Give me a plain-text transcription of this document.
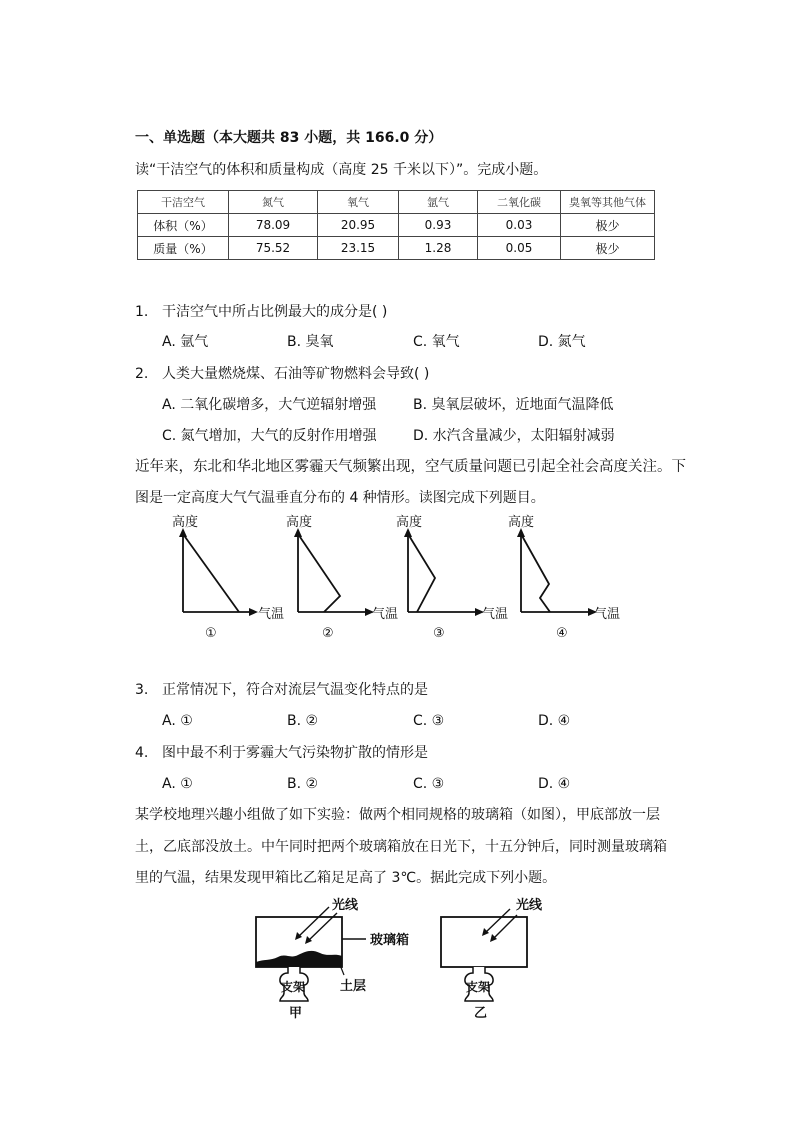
一、单选题（本大题共 83 小题，共 166.0 分）
读“干洁空气的体积和质量构成（高度 25 千米以下）”。完成小题。
干洁空气	氮气	氧气	氩气	二氧化碳	臭氧等其他气体
体积（%）	78.09	20.95	0.93	0.03	极少
质量（%）	75.52	23.15	1.28	0.05	极少
1. 干洁空气中所占比例最大的成分是( )
A. 氩气	B. 臭氧	C. 氧气	D. 氮气
2. 人类大量燃烧煤、石油等矿物燃料会导致( )
A. 二氧化碳增多，大气逆辐射增强	B. 臭氧层破坏，近地面气温降低
C. 氮气增加，大气的反射作用增强	D. 水汽含量减少，太阳辐射减弱
近年来，东北和华北地区雾霾天气频繁出现，空气质量问题已引起全社会高度关注。下
图是一定高度大气气温垂直分布的 4 种情形。读图完成下列题目。
高度
气温
①
高度
气温
②
高度
气温
③
高度
气温
④
3. 正常情况下，符合对流层气温变化特点的是
A. ①	B. ②	C. ③	D. ④
4. 图中最不利于雾霾大气污染物扩散的情形是
A. ①	B. ②	C. ③	D. ④
某学校地理兴趣小组做了如下实验：做两个相同规格的玻璃箱（如图），甲底部放一层
土，乙底部没放土。中午同时把两个玻璃箱放在日光下，十五分钟后，同时测量玻璃箱
里的气温，结果发现甲箱比乙箱足足高了 3℃。据此完成下列小题。
光线	光线
玻璃箱
支架	支架
土层
甲	乙
